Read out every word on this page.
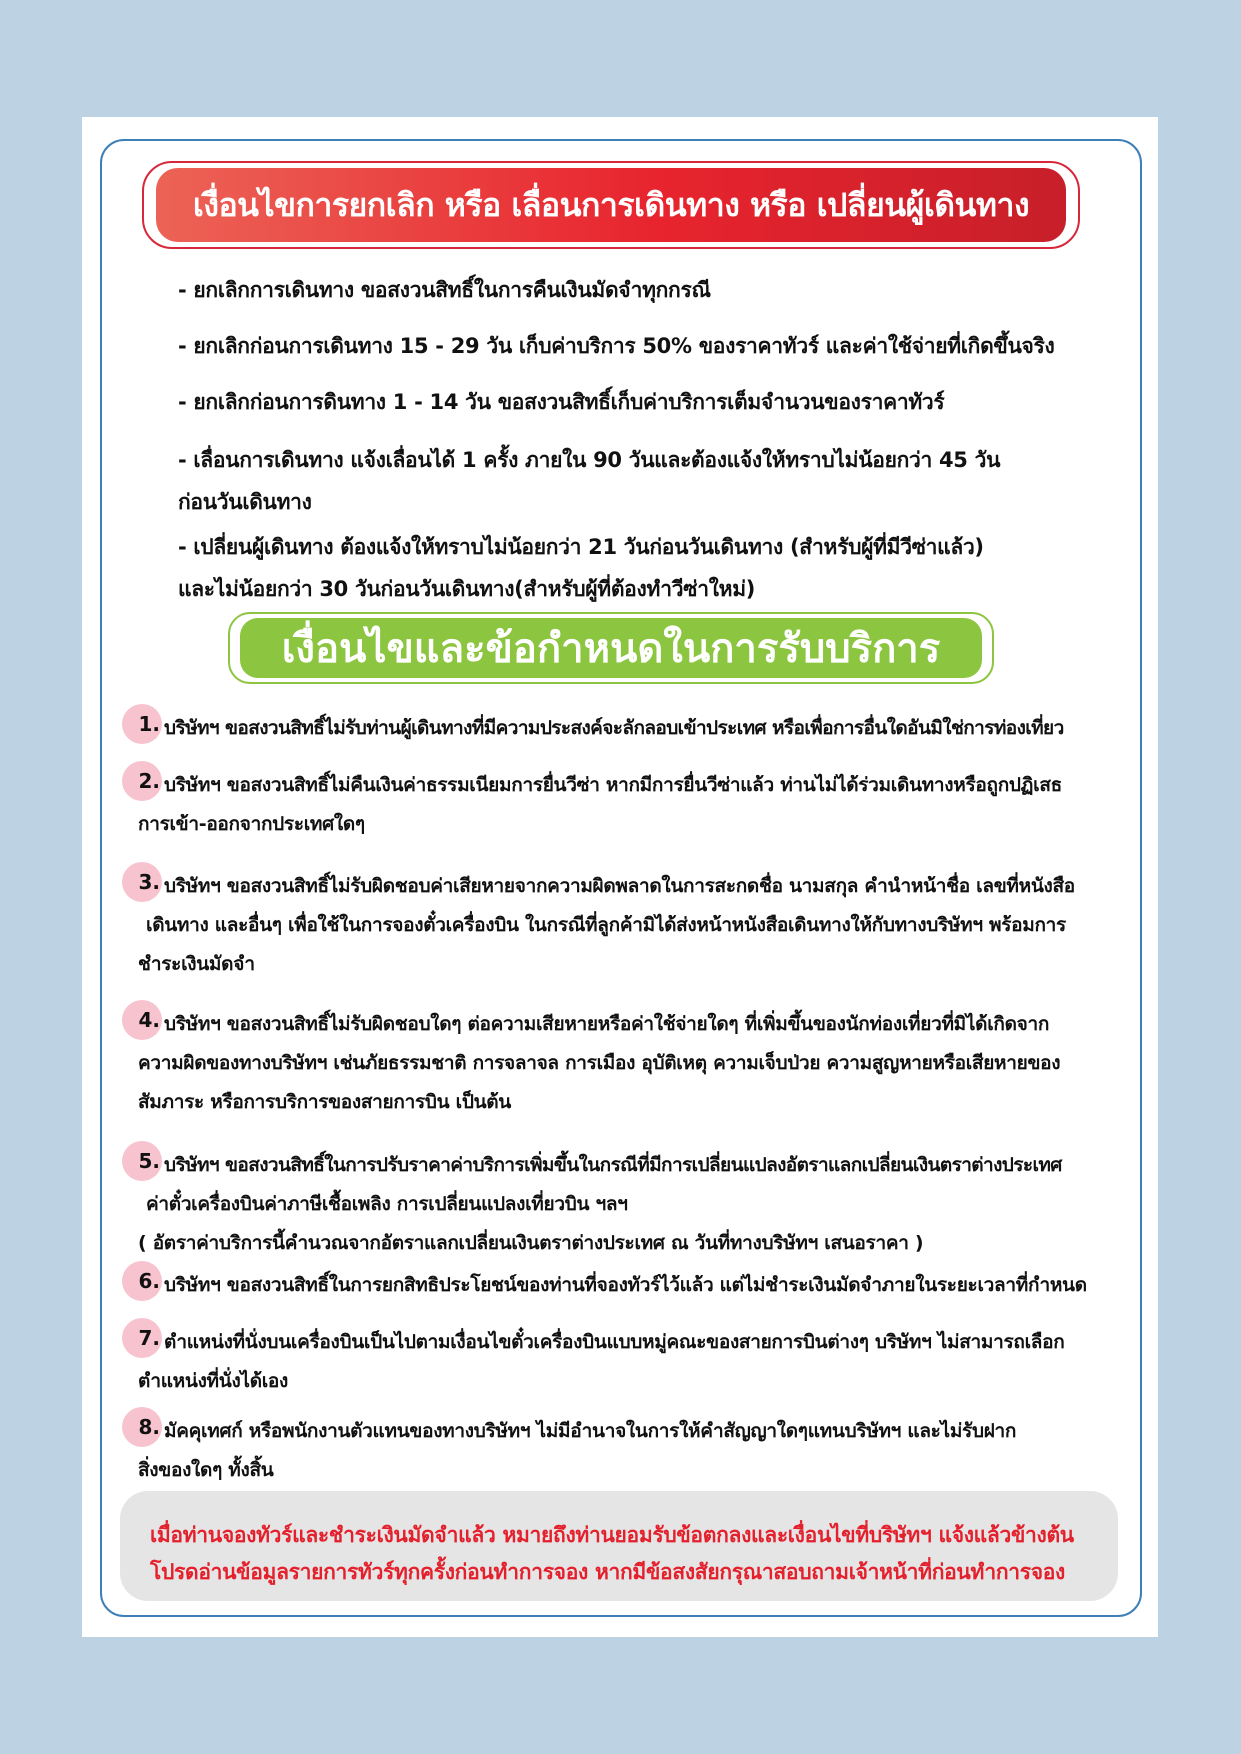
เงื่อนไขการยกเลิก หรือ เลื่อนการเดินทาง หรือ เปลี่ยนผู้เดินทาง
- ยกเลิกการเดินทาง ขอสงวนสิทธิ์ในการคืนเงินมัดจำทุกกรณี
- ยกเลิกก่อนการเดินทาง 15 - 29 วัน เก็บค่าบริการ 50% ของราคาทัวร์ และค่าใช้จ่ายที่เกิดขึ้นจริง
- ยกเลิกก่อนการดินทาง 1 - 14 วัน ขอสงวนสิทธิ์เก็บค่าบริการเต็มจำนวนของราคาทัวร์
- เลื่อนการเดินทาง แจ้งเลื่อนได้ 1 ครั้ง ภายใน 90 วันและต้องแจ้งให้ทราบไม่น้อยกว่า 45 วัน
ก่อนวันเดินทาง
- เปลี่ยนผู้เดินทาง ต้องแจ้งให้ทราบไม่น้อยกว่า 21 วันก่อนวันเดินทาง (สำหรับผู้ที่มีวีซ่าแล้ว)
และไม่น้อยกว่า 30 วันก่อนวันเดินทาง(สำหรับผู้ที่ต้องทำวีซ่าใหม่)
เงื่อนไขและข้อกำหนดในการรับบริการ
1. บริษัทฯ ขอสงวนสิทธิ์ไม่รับท่านผู้เดินทางที่มีความประสงค์จะลักลอบเข้าประเทศ หรือเพื่อการอื่นใดอันมิใช่การท่องเที่ยว
2. บริษัทฯ ขอสงวนสิทธิ์ไม่คืนเงินค่าธรรมเนียมการยื่นวีซ่า หากมีการยื่นวีซ่าแล้ว ท่านไม่ได้ร่วมเดินทางหรือถูกปฏิเสธ
การเข้า-ออกจากประเทศใดๆ
3. บริษัทฯ ขอสงวนสิทธิ์ไม่รับผิดชอบค่าเสียหายจากความผิดพลาดในการสะกดชื่อ นามสกุล คำนำหน้าชื่อ เลขที่หนังสือ
เดินทาง และอื่นๆ เพื่อใช้ในการจองตั๋วเครื่องบิน ในกรณีที่ลูกค้ามิได้ส่งหน้าหนังสือเดินทางให้กับทางบริษัทฯ พร้อมการ
ชำระเงินมัดจำ
4. บริษัทฯ ขอสงวนสิทธิ์ไม่รับผิดชอบใดๆ ต่อความเสียหายหรือค่าใช้จ่ายใดๆ ที่เพิ่มขึ้นของนักท่องเที่ยวที่มิได้เกิดจาก
ความผิดของทางบริษัทฯ เช่นภัยธรรมชาติ การจลาจล การเมือง อุบัติเหตุ ความเจ็บป่วย ความสูญหายหรือเสียหายของ
สัมภาระ หรือการบริการของสายการบิน เป็นต้น
5. บริษัทฯ ขอสงวนสิทธิ์ในการปรับราคาค่าบริการเพิ่มขึ้นในกรณีที่มีการเปลี่ยนแปลงอัตราแลกเปลี่ยนเงินตราต่างประเทศ
ค่าตั๋วเครื่องบินค่าภาษีเชื้อเพลิง การเปลี่ยนแปลงเที่ยวบิน ฯลฯ
( อัตราค่าบริการนี้คำนวณจากอัตราแลกเปลี่ยนเงินตราต่างประเทศ ณ วันที่ทางบริษัทฯ เสนอราคา )
6. บริษัทฯ ขอสงวนสิทธิ์ในการยกสิทธิประโยชน์ของท่านที่จองทัวร์ไว้แล้ว แต่ไม่ชำระเงินมัดจำภายในระยะเวลาที่กำหนด
7. ตำแหน่งที่นั่งบนเครื่องบินเป็นไปตามเงื่อนไขตั๋วเครื่องบินแบบหมู่คณะของสายการบินต่างๆ บริษัทฯ ไม่สามารถเลือก
ตำแหน่งที่นั่งได้เอง
8. มัคคุเทศก์ หรือพนักงานตัวแทนของทางบริษัทฯ ไม่มีอำนาจในการให้คำสัญญาใดๆแทนบริษัทฯ และไม่รับฝาก
สิ่งของใดๆ ทั้งสิ้น
เมื่อท่านจองทัวร์และชำระเงินมัดจำแล้ว หมายถึงท่านยอมรับข้อตกลงและเงื่อนไขที่บริษัทฯ แจ้งแล้วข้างต้น
โปรดอ่านข้อมูลรายการทัวร์ทุกครั้งก่อนทำการจอง หากมีข้อสงสัยกรุณาสอบถามเจ้าหน้าที่ก่อนทำการจอง
